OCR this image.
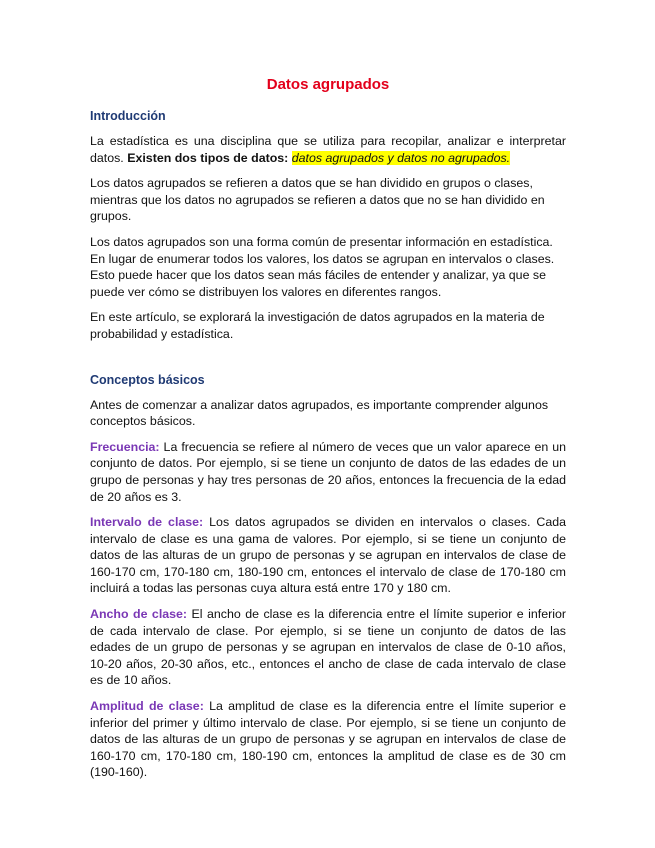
Datos agrupados
Introducción

La estadística es una disciplina que se utiliza para recopilar, analizar e interpretar datos. Existen dos tipos de datos: datos agrupados y datos no agrupados.

Los datos agrupados se refieren a datos que se han dividido en grupos o clases, mientras que los datos no agrupados se refieren a datos que no se han dividido en grupos.

Los datos agrupados son una forma común de presentar información en estadística. En lugar de enumerar todos los valores, los datos se agrupan en intervalos o clases. Esto puede hacer que los datos sean más fáciles de entender y analizar, ya que se puede ver cómo se distribuyen los valores en diferentes rangos.

En este artículo, se explorará la investigación de datos agrupados en la materia de probabilidad y estadística.

Conceptos básicos

Antes de comenzar a analizar datos agrupados, es importante comprender algunos conceptos básicos.

Frecuencia: La frecuencia se refiere al número de veces que un valor aparece en un conjunto de datos. Por ejemplo, si se tiene un conjunto de datos de las edades de un grupo de personas y hay tres personas de 20 años, entonces la frecuencia de la edad de 20 años es 3.

Intervalo de clase: Los datos agrupados se dividen en intervalos o clases. Cada intervalo de clase es una gama de valores. Por ejemplo, si se tiene un conjunto de datos de las alturas de un grupo de personas y se agrupan en intervalos de clase de 160-170 cm, 170-180 cm, 180-190 cm, entonces el intervalo de clase de 170-180 cm incluirá a todas las personas cuya altura está entre 170 y 180 cm.

Ancho de clase: El ancho de clase es la diferencia entre el límite superior e inferior de cada intervalo de clase. Por ejemplo, si se tiene un conjunto de datos de las edades de un grupo de personas y se agrupan en intervalos de clase de 0-10 años, 10-20 años, 20-30 años, etc., entonces el ancho de clase de cada intervalo de clase es de 10 años.

Amplitud de clase: La amplitud de clase es la diferencia entre el límite superior e inferior del primer y último intervalo de clase. Por ejemplo, si se tiene un conjunto de datos de las alturas de un grupo de personas y se agrupan en intervalos de clase de 160-170 cm, 170-180 cm, 180-190 cm, entonces la amplitud de clase es de 30 cm (190-160).
